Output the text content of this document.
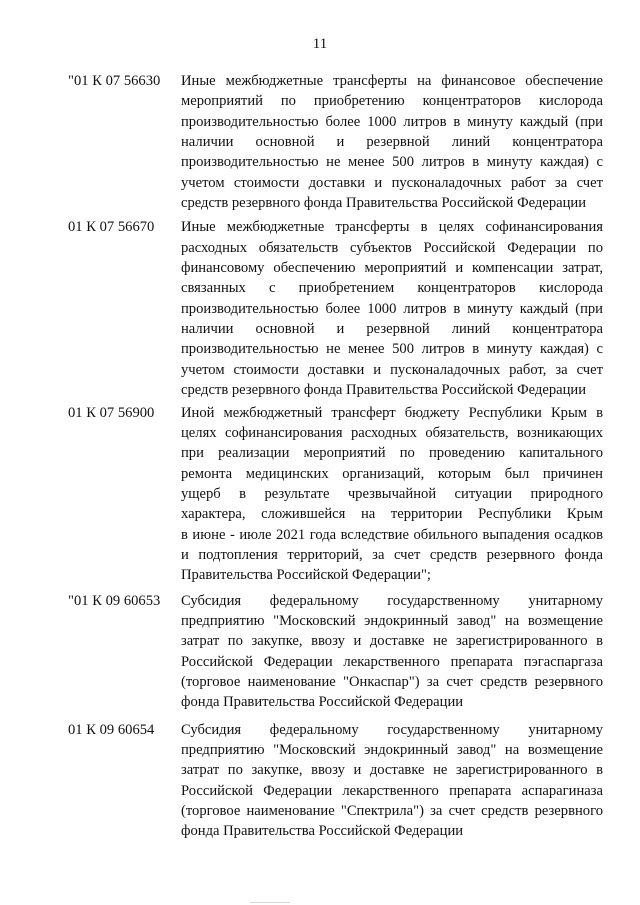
11
"01 К 07 56630	Иные межбюджетные трансферты на финансовое обеспечение
мероприятий по приобретению концентраторов кислорода
производительностью более 1000 литров в минуту каждый (при
наличии основной и резервной линий концентратора
производительностью не менее 500 литров в минуту каждая) с
учетом стоимости доставки и пусконаладочных работ за счет
средств резервного фонда Правительства Российской Федерации
01 К 07 56670	Иные межбюджетные трансферты в целях софинансирования
расходных обязательств субъектов Российской Федерации по
финансовому обеспечению мероприятий и компенсации затрат,
связанных с приобретением концентраторов кислорода
производительностью более 1000 литров в минуту каждый (при
наличии основной и резервной линий концентратора
производительностью не менее 500 литров в минуту каждая) с
учетом стоимости доставки и пусконаладочных работ, за счет
средств резервного фонда Правительства Российской Федерации
01 К 07 56900	Иной межбюджетный трансферт бюджету Республики Крым в
целях софинансирования расходных обязательств, возникающих
при реализации мероприятий по проведению капитального
ремонта медицинских организаций, которым был причинен
ущерб в результате чрезвычайной ситуации природного
характера, сложившейся на территории Республики Крым
в июне - июле 2021 года вследствие обильного выпадения осадков
и подтопления территорий, за счет средств резервного фонда
Правительства Российской Федерации";
"01 К 09 60653	Субсидия федеральному государственному унитарному
предприятию "Московский эндокринный завод" на возмещение
затрат по закупке, ввозу и доставке не зарегистрированного в
Российской Федерации лекарственного препарата пэгаспаргаза
(торговое наименование "Онкаспар") за счет средств резервного
фонда Правительства Российской Федерации
01 К 09 60654	Субсидия федеральному государственному унитарному
предприятию "Московский эндокринный завод" на возмещение
затрат по закупке, ввозу и доставке не зарегистрированного в
Российской Федерации лекарственного препарата аспарагиназа
(торговое наименование "Спектрила") за счет средств резервного
фонда Правительства Российской Федерации
